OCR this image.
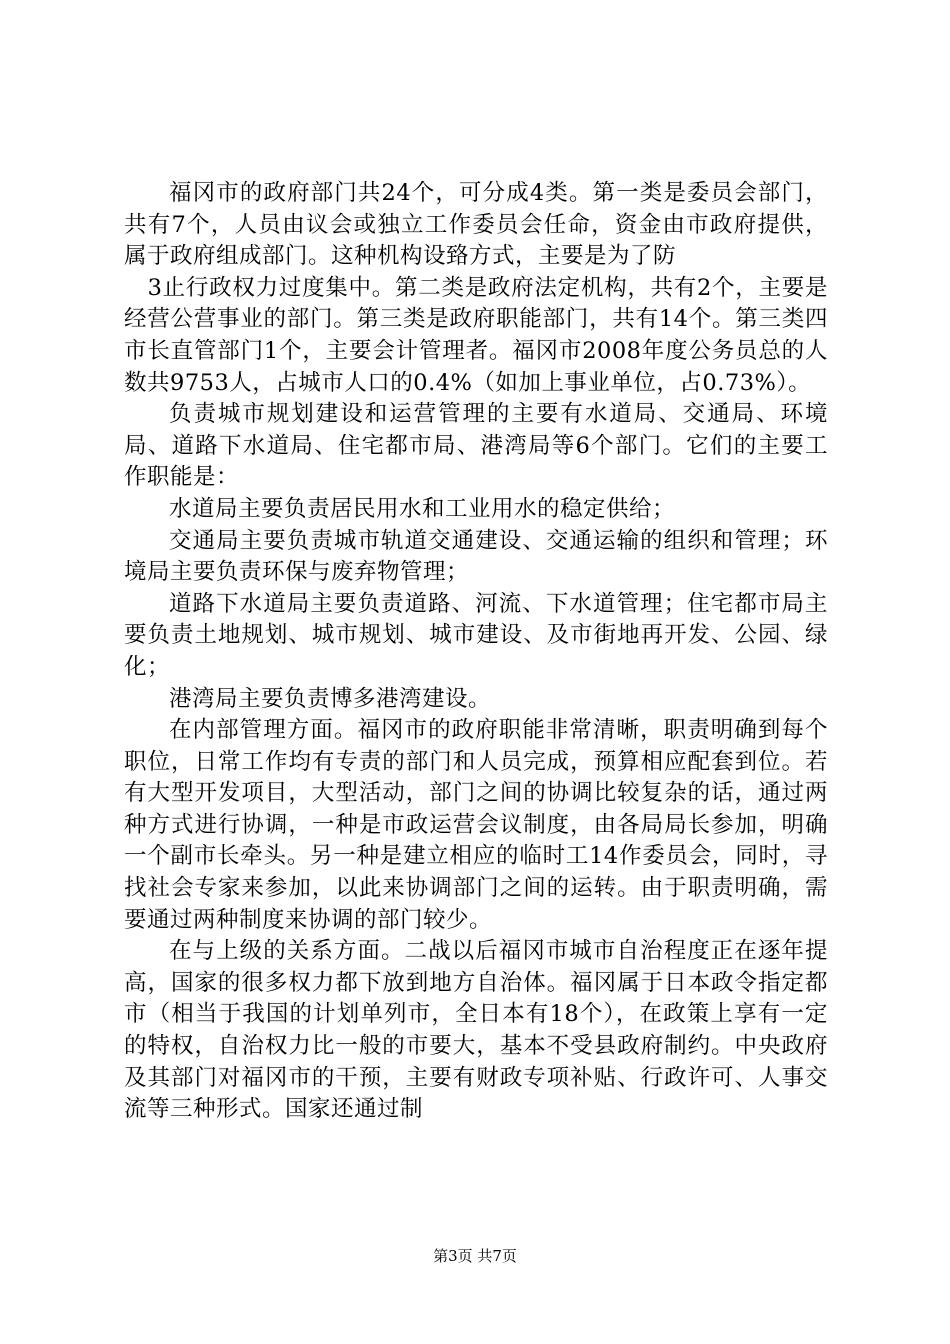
福冈市的政府部门共24个，可分成4类。第一类是委员会部门，共有7个，人员由议会或独立工作委员会任命，资金由市政府提供，属于政府组成部门。这种机构设臵方式，主要是为了防

3止行政权力过度集中。第二类是政府法定机构，共有2个，主要是经营公营事业的部门。第三类是政府职能部门，共有14个。第三类四市长直管部门1个，主要会计管理者。福冈市2008年度公务员总的人数共9753人，占城市人口的0.4%（如加上事业单位，占0.73%）。

负责城市规划建设和运营管理的主要有水道局、交通局、环境局、道路下水道局、住宅都市局、港湾局等6个部门。它们的主要工作职能是：

水道局主要负责居民用水和工业用水的稳定供给；

交通局主要负责城市轨道交通建设、交通运输的组织和管理；环境局主要负责环保与废弃物管理；

道路下水道局主要负责道路、河流、下水道管理；住宅都市局主要负责土地规划、城市规划、城市建设、及市街地再开发、公园、绿化；

港湾局主要负责博多港湾建设。

在内部管理方面。福冈市的政府职能非常清晰，职责明确到每个职位，日常工作均有专责的部门和人员完成，预算相应配套到位。若有大型开发项目，大型活动，部门之间的协调比较复杂的话，通过两种方式进行协调，一种是市政运营会议制度，由各局局长参加，明确一个副市长牵头。另一种是建立相应的临时工14作委员会，同时，寻找社会专家来参加，以此来协调部门之间的运转。由于职责明确，需要通过两种制度来协调的部门较少。

在与上级的关系方面。二战以后福冈市城市自治程度正在逐年提高，国家的很多权力都下放到地方自治体。福冈属于日本政令指定都市（相当于我国的计划单列市，全日本有18个），在政策上享有一定的特权，自治权力比一般的市要大，基本不受县政府制约。中央政府及其部门对福冈市的干预，主要有财政专项补贴、行政许可、人事交流等三种形式。国家还通过制

第3页 共7页
